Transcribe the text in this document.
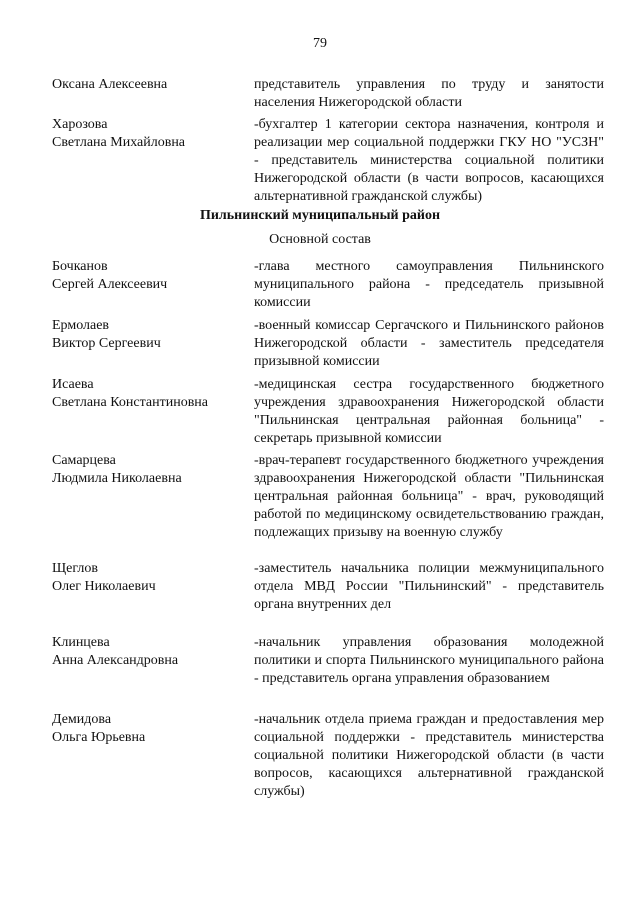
79
Оксана Алексеевна	представитель управления по труду и занятости населения Нижегородской области
Харозова
Светлана Михайловна
-бухгалтер 1 категории сектора назначения, контроля и реализации мер социальной поддержки ГКУ НО "УСЗН" - представитель министерства социальной политики Нижегородской области (в части вопросов, касающихся альтернативной гражданской службы)
Пильнинский муниципальный район
Основной состав
Бочканов
Сергей Алексеевич
-глава местного самоуправления Пильнинского муниципального района - председатель призывной комиссии
Ермолаев
Виктор Сергеевич
-военный комиссар Сергачского и Пильнинского районов Нижегородской области - заместитель председателя призывной комиссии
Исаева
Светлана Константиновна
-медицинская сестра государственного бюджетного учреждения здравоохранения Нижегородской области "Пильнинская центральная районная больница" - секретарь призывной комиссии
Самарцева
Людмила Николаевна
-врач-терапевт государственного бюджетного учреждения здравоохранения Нижегородской области "Пильнинская центральная районная больница" - врач, руководящий работой по медицинскому освидетельствованию граждан, подлежащих призыву на военную службу
Щеглов
Олег Николаевич
-заместитель начальника полиции межмуниципального отдела МВД России "Пильнинский" - представитель органа внутренних дел
Клинцева
Анна Александровна
-начальник управления образования молодежной политики и спорта Пильнинского муниципального района - представитель органа управления образованием
Демидова
Ольга Юрьевна
-начальник отдела приема граждан и предоставления мер социальной поддержки - представитель министерства социальной политики Нижегородской области (в части вопросов, касающихся альтернативной гражданской службы)
